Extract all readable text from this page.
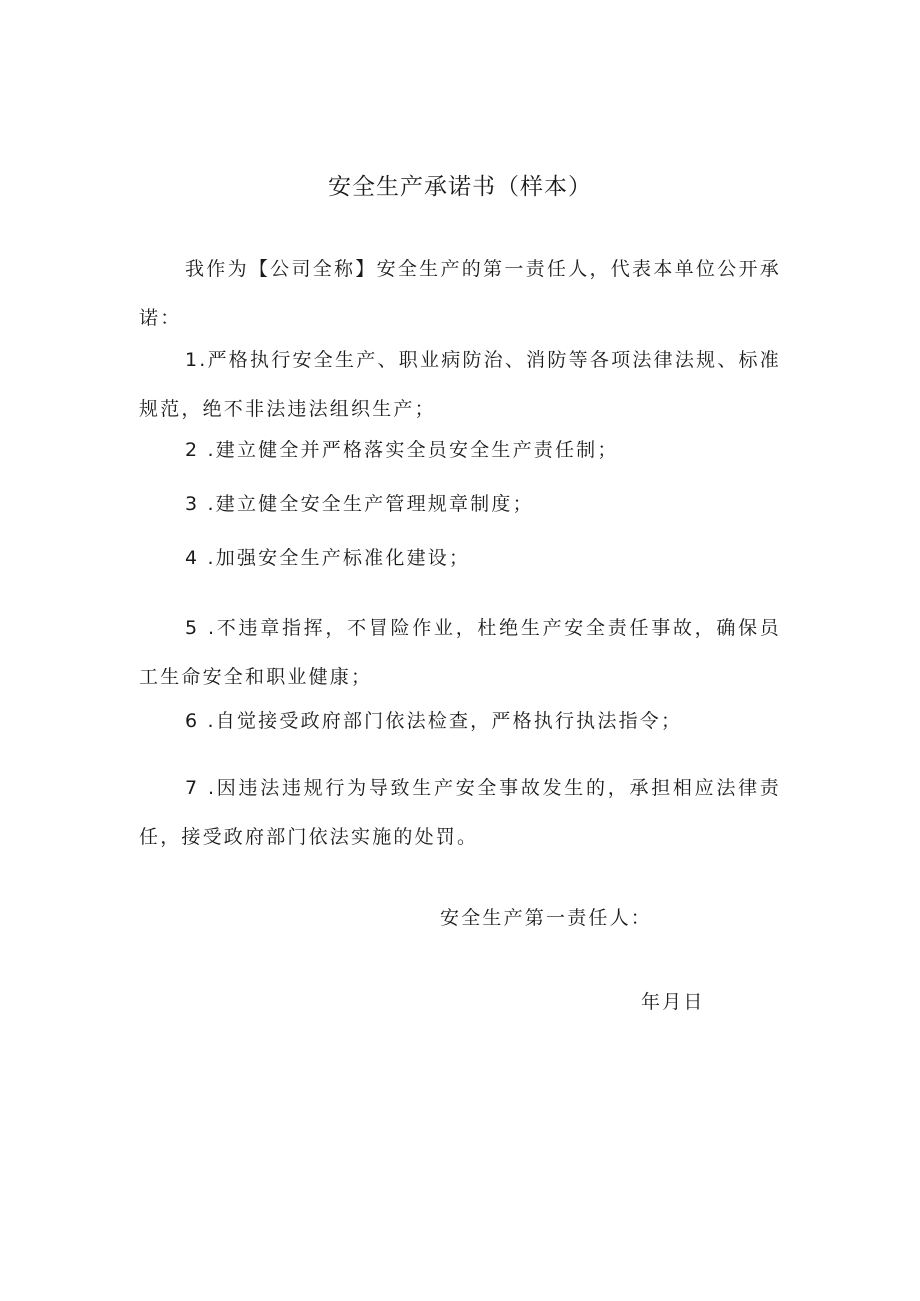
安全生产承诺书（样本）
我作为【公司全称】安全生产的第一责任人，代表本单位公开承诺：
1.严格执行安全生产、职业病防治、消防等各项法律法规、标准规范，绝不非法违法组织生产；
2 .建立健全并严格落实全员安全生产责任制；
3 .建立健全安全生产管理规章制度；
4 .加强安全生产标准化建设；
5 .不违章指挥，不冒险作业，杜绝生产安全责任事故，确保员工生命安全和职业健康；
6 .自觉接受政府部门依法检查，严格执行执法指令；
7 .因违法违规行为导致生产安全事故发生的，承担相应法律责任，接受政府部门依法实施的处罚。
安全生产第一责任人：
年月日
